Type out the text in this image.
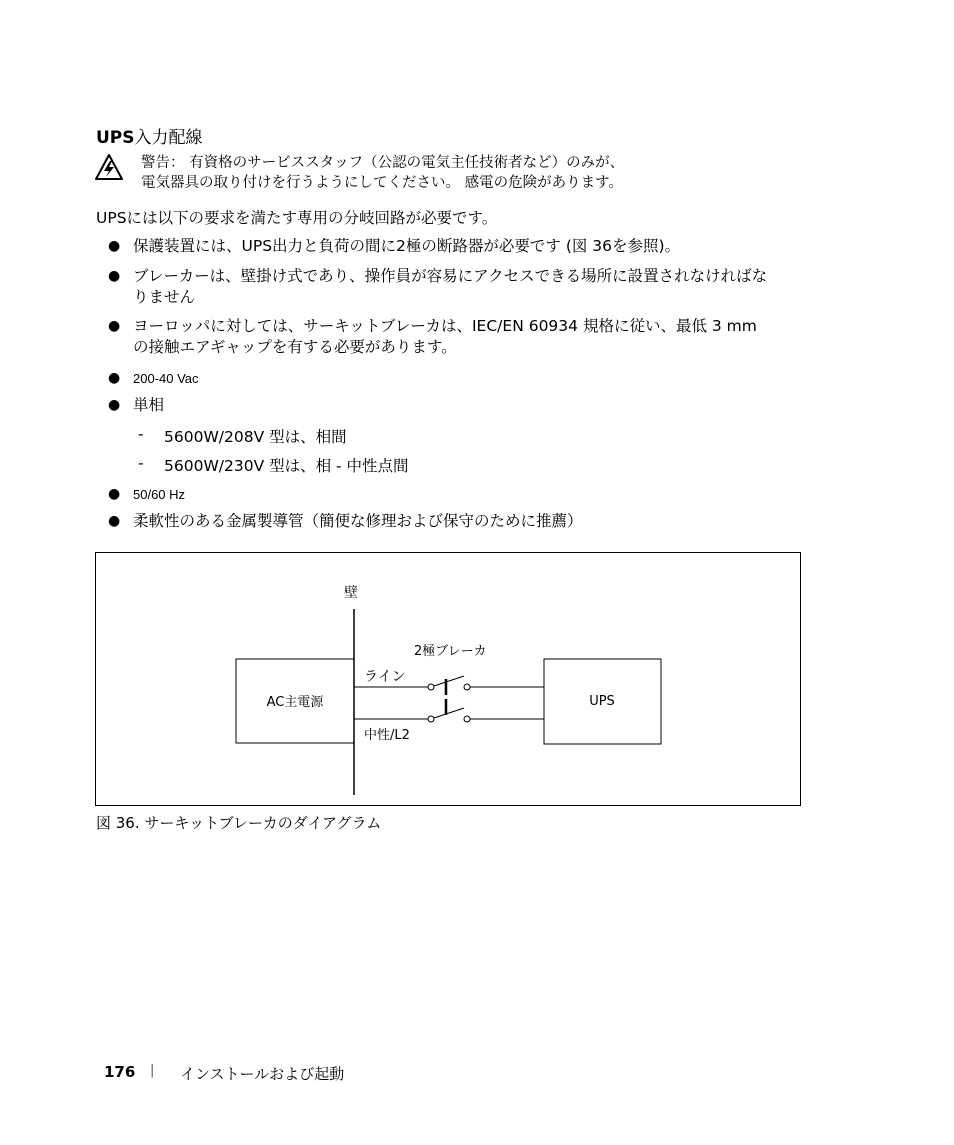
UPS入力配線
警告： 有資格のサービススタッフ（公認の電気主任技術者など）のみが、
電気器具の取り付けを行うようにしてください。 感電の危険があります。
UPSには以下の要求を満たす専用の分岐回路が必要です。
● 保護装置には、UPS出力と負荷の間に2極の断路器が必要です (図 36を参照)。
● ブレーカーは、壁掛け式であり、操作員が容易にアクセスできる場所に設置されなければな
りません
● ヨーロッパに対しては、サーキットブレーカは、IEC/EN 60934 規格に従い、最低 3 mm
の接触エアギャップを有する必要があります。
● 200-40 Vac
● 単相
- 5600W/208V 型は、相間
- 5600W/230V 型は、相 - 中性点間
● 50/60 Hz
● 柔軟性のある金属製導管（簡便な修理および保守のために推薦）
壁
2極ブレーカ
ライン
中性/L2
AC主電源	UPS
図 36. サーキットブレーカのダイアグラム
176 | インストールおよび起動
